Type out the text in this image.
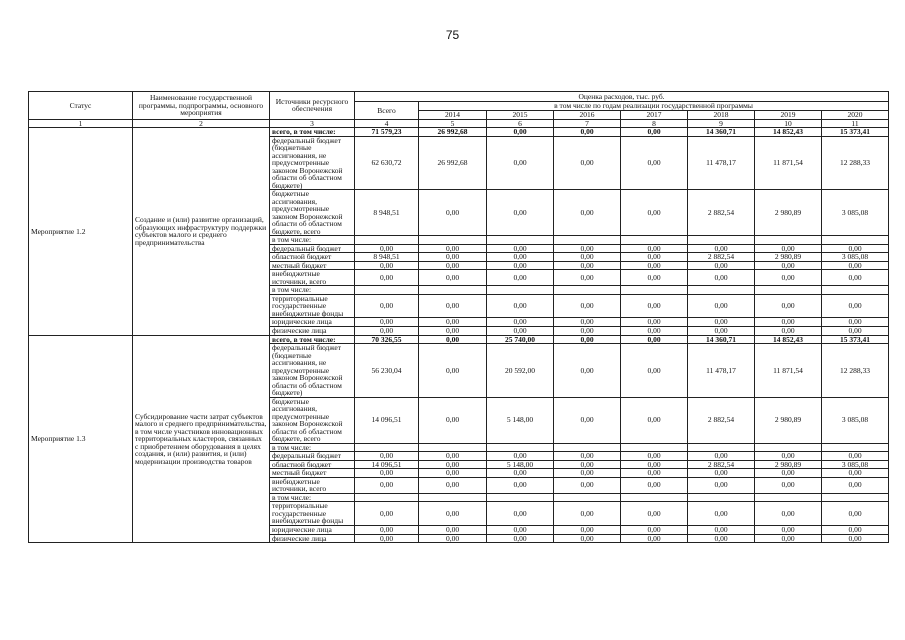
75
Статус	Наименование государственной программы, подпрограммы, основного мероприятия	Источники ресурсного обеспечения	Оценка расходов, тыс. руб.							
			Всего	в том числе по годам реализации государственной программы						
				2014	2015	2016	2017	2018	2019	2020
1	2	3	4	5	6	7	8	9	10	11
Мероприятие 1.2	Создание и (или) развитие организаций, образующих инфраструктуру поддержки субъектов малого и среднего предпринимательства	всего, в том числе:	71 579,23	26 992,68	0,00	0,00	0,00	14 360,71	14 852,43	15 373,41
		федеральный бюджет (бюджетные ассигнования, не предусмотренные законом Воронежской области об областном бюджете)	62 630,72	26 992,68	0,00	0,00	0,00	11 478,17	11 871,54	12 288,33
		бюджетные ассигнования, предусмотренные законом Воронежской области об областном бюджете, всего	8 948,51	0,00	0,00	0,00	0,00	2 882,54	2 980,89	3 085,08
		в том числе:								
		федеральный бюджет	0,00	0,00	0,00	0,00	0,00	0,00	0,00	0,00
		областной бюджет	8 948,51	0,00	0,00	0,00	0,00	2 882,54	2 980,89	3 085,08
		местный бюджет	0,00	0,00	0,00	0,00	0,00	0,00	0,00	0,00
		внебюджетные источники, всего	0,00	0,00	0,00	0,00	0,00	0,00	0,00	0,00
		в том числе:								
		территориальные государственные внебюджетные фонды	0,00	0,00	0,00	0,00	0,00	0,00	0,00	0,00
		юридические лица	0,00	0,00	0,00	0,00	0,00	0,00	0,00	0,00
		физические лица	0,00	0,00	0,00	0,00	0,00	0,00	0,00	0,00
Мероприятие 1.3	Субсидирование части затрат субъектов малого и среднего предпринимательства, в том числе участников инновационных территориальных кластеров, связанных с приобретением оборудования в целях создания, и (или) развития, и (или) модернизации производства товаров	всего, в том числе:	70 326,55	0,00	25 740,00	0,00	0,00	14 360,71	14 852,43	15 373,41
		федеральный бюджет (бюджетные ассигнования, не предусмотренные законом Воронежской области об областном бюджете)	56 230,04	0,00	20 592,00	0,00	0,00	11 478,17	11 871,54	12 288,33
		бюджетные ассигнования, предусмотренные законом Воронежской области об областном бюджете, всего	14 096,51	0,00	5 148,00	0,00	0,00	2 882,54	2 980,89	3 085,08
		в том числе:								
		федеральный бюджет	0,00	0,00	0,00	0,00	0,00	0,00	0,00	0,00
		областной бюджет	14 096,51	0,00	5 148,00	0,00	0,00	2 882,54	2 980,89	3 085,08
		местный бюджет	0,00	0,00	0,00	0,00	0,00	0,00	0,00	0,00
		внебюджетные источники, всего	0,00	0,00	0,00	0,00	0,00	0,00	0,00	0,00
		в том числе:								
		территориальные государственные внебюджетные фонды	0,00	0,00	0,00	0,00	0,00	0,00	0,00	0,00
		юридические лица	0,00	0,00	0,00	0,00	0,00	0,00	0,00	0,00
		физические лица	0,00	0,00	0,00	0,00	0,00	0,00	0,00	0,00
